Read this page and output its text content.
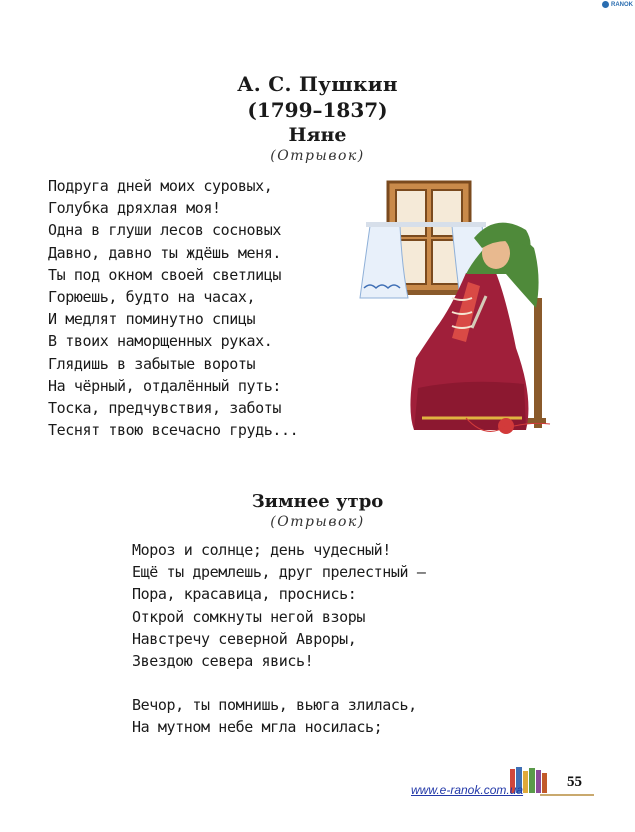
RANOK
А. С. Пушкин
(1799–1837)
Няне
(Отрывок)
Подруга дней моих суровых,
Голубка дряхлая моя!
Одна в глуши лесов сосновых
Давно, давно ты ждёшь меня.
Ты под окном своей светлицы
Горюешь, будто на часах,
И медлят поминутно спицы
В твоих наморщенных руках.
Глядишь в забытые вороты
На чёрный, отдалённый путь:
Тоска, предчувствия, заботы
Теснят твою всечасно грудь...
Зимнее утро
(Отрывок)
Мороз и солнце; день чудесный!
Ещё ты дремлешь, друг прелестный —
Пора, красавица, проснись:
Открой сомкнуты негой взоры
Навстречу северной Авроры,
Звездою севера явись!
Вечор, ты помнишь, вьюга злилась,
На мутном небе мгла носилась;
www.e-ranok.com.ua	55
